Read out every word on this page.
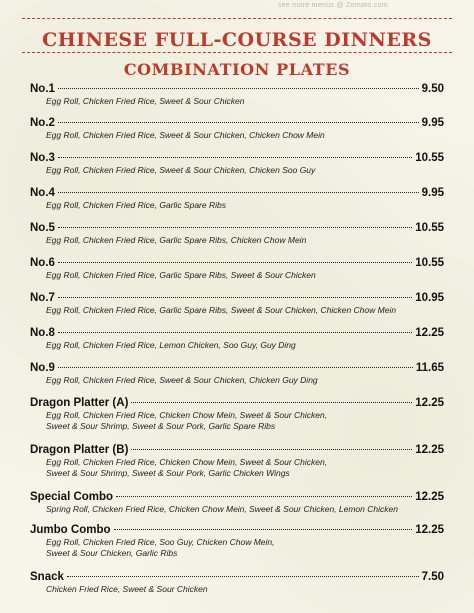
see more menus @ Zomato.com
CHINESE FULL-COURSE DINNERS
COMBINATION PLATES
No.1	9.50
Egg Roll, Chicken Fried Rice, Sweet & Sour Chicken
No.2	9.95
Egg Roll, Chicken Fried Rice, Sweet & Sour Chicken, Chicken Chow Mein
No.3	10.55
Egg Roll, Chicken Fried Rice, Sweet & Sour Chicken, Chicken Soo Guy
No.4	9.95
Egg Roll, Chicken Fried Rice, Garlic Spare Ribs
No.5	10.55
Egg Roll, Chicken Fried Rice, Garlic Spare Ribs, Chicken Chow Mein
No.6	10.55
Egg Roll, Chicken Fried Rice, Garlic Spare Ribs, Sweet & Sour Chicken
No.7	10.95
Egg Roll, Chicken Fried Rice, Garlic Spare Ribs, Sweet & Sour Chicken, Chicken Chow Mein
No.8	12.25
Egg Roll, Chicken Fried Rice, Lemon Chicken, Soo Guy, Guy Ding
No.9	11.65
Egg Roll, Chicken Fried Rice, Sweet & Sour Chicken, Chicken Guy Ding
Dragon Platter (A)	12.25
Egg Roll, Chicken Fried Rice, Chicken Chow Mein, Sweet & Sour Chicken,
Sweet & Sour Shrimp, Sweet & Sour Pork, Garlic Spare Ribs
Dragon Platter (B)	12.25
Egg Roll, Chicken Fried Rice, Chicken Chow Mein, Sweet & Sour Chicken,
Sweet & Sour Shrimp, Sweet & Sour Pork, Garlic Chicken Wings
Special Combo	12.25
Spring Roll, Chicken Fried Rice, Chicken Chow Mein, Sweet & Sour Chicken, Lemon Chicken
Jumbo Combo	12.25
Egg Roll, Chicken Fried Rice, Soo Guy, Chicken Chow Mein,
Sweet & Sour Chicken, Garlic Ribs
Snack	7.50
Chicken Fried Rice, Sweet & Sour Chicken
